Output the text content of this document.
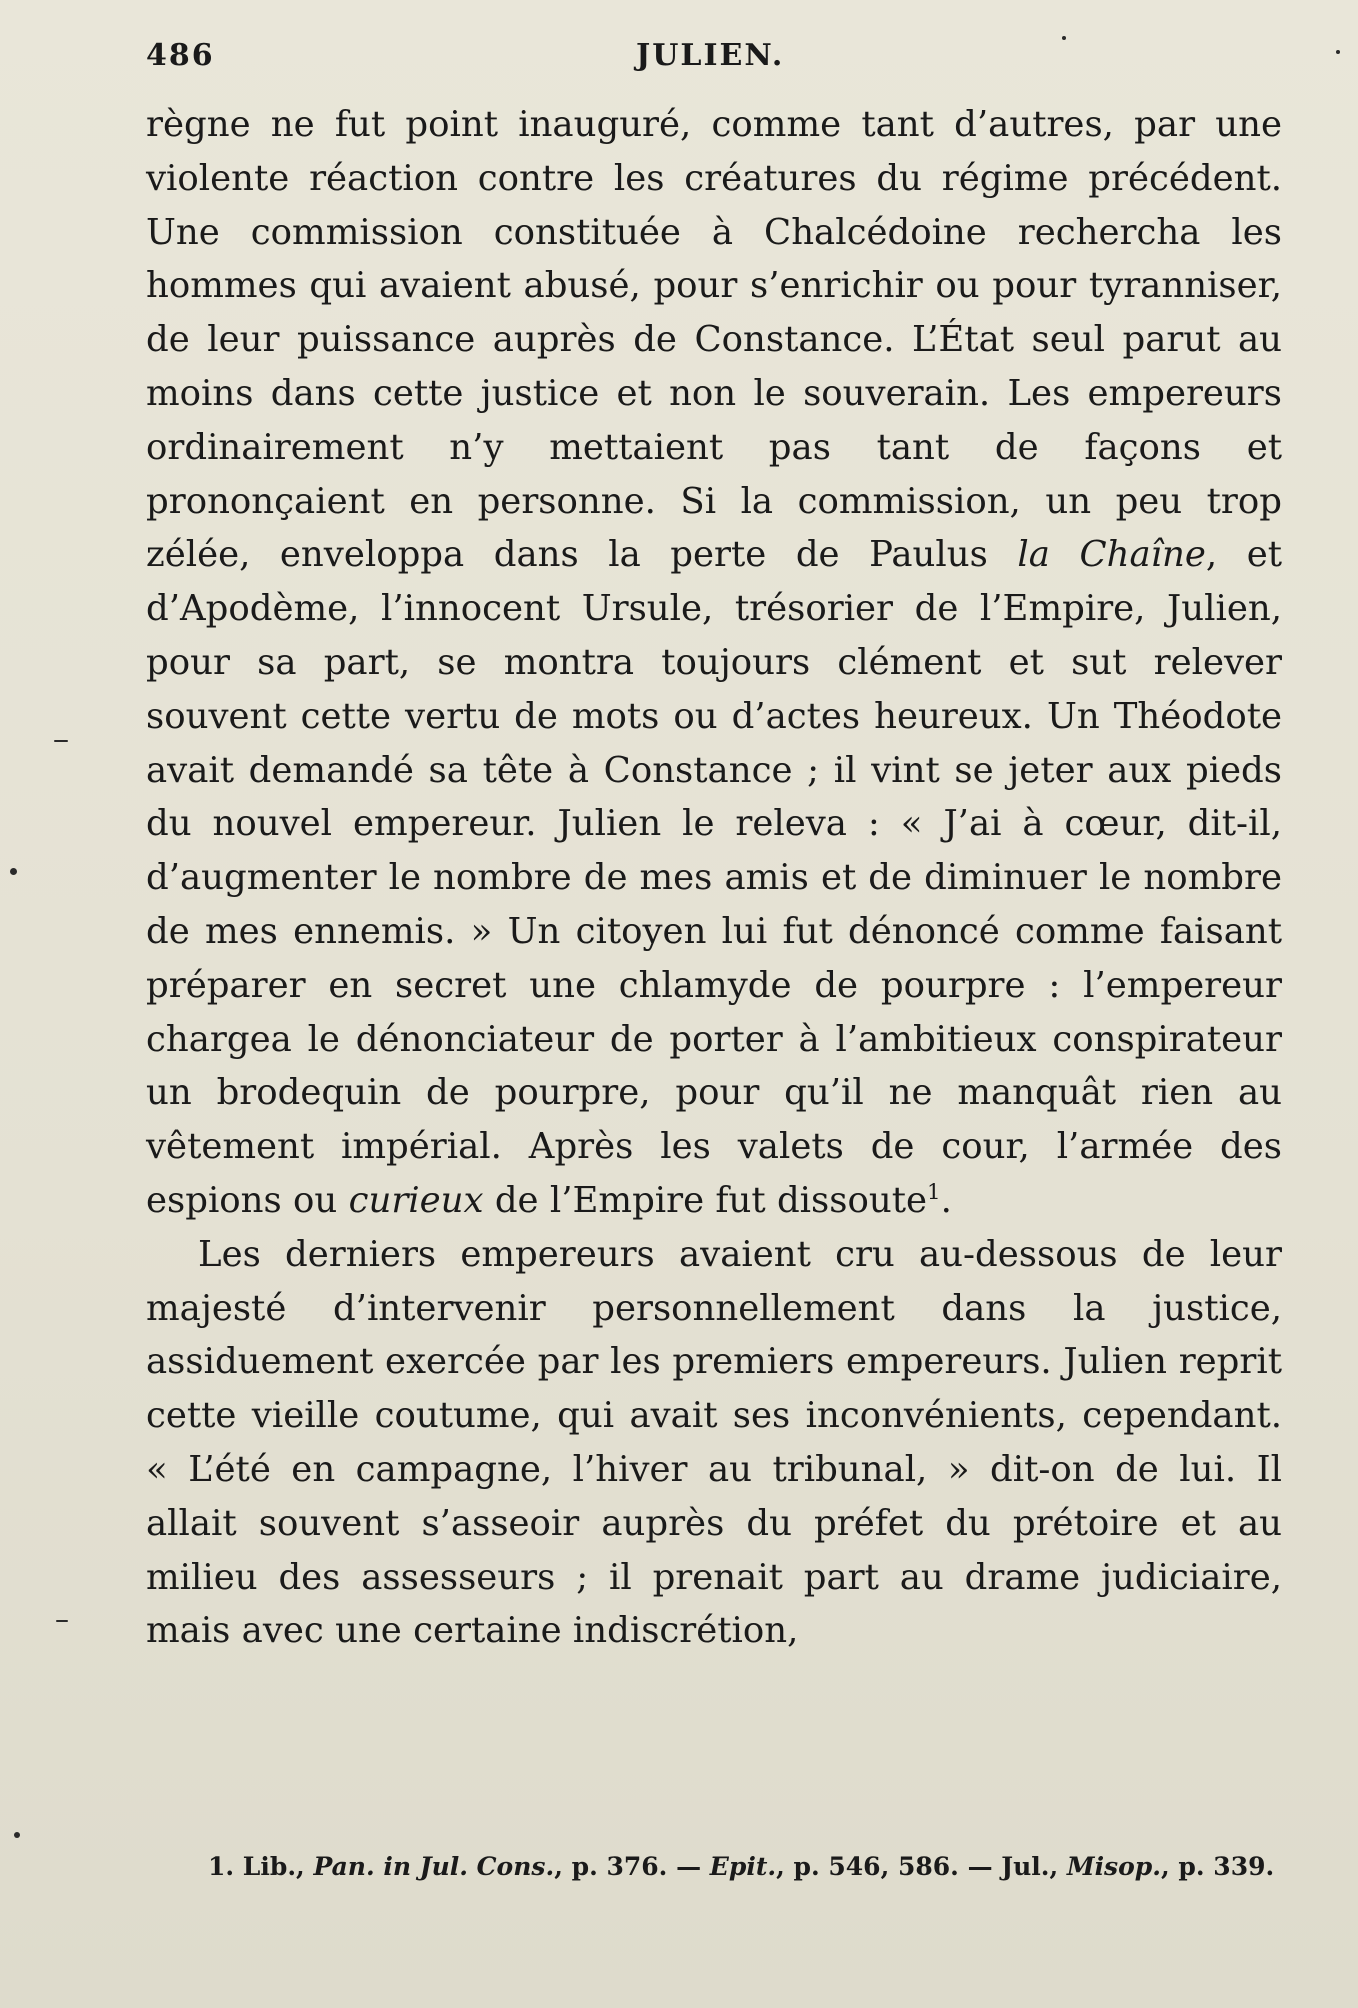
486	JULIEN.

règne ne fut point inauguré, comme tant d’autres, par une violente réaction contre les créatures du régime précédent. Une commission constituée à Chalcédoine rechercha les hommes qui avaient abusé, pour s’enrichir ou pour tyranniser, de leur puissance auprès de Constance. L’État seul parut au moins dans cette justice et non le souverain. Les empereurs ordinairement n’y mettaient pas tant de façons et prononçaient en personne. Si la commission, un peu trop zélée, enveloppa dans la perte de Paulus la Chaîne, et d’Apodème, l’innocent Ursule, trésorier de l’Empire, Julien, pour sa part, se montra toujours clément et sut relever souvent cette vertu de mots ou d’actes heureux. Un Théodote avait demandé sa tête à Constance ; il vint se jeter aux pieds du nouvel empereur. Julien le releva : « J’ai à cœur, dit-il, d’augmenter le nombre de mes amis et de diminuer le nombre de mes ennemis. » Un citoyen lui fut dénoncé comme faisant préparer en secret une chlamyde de pourpre : l’empereur chargea le dénonciateur de porter à l’ambitieux conspirateur un brodequin de pourpre, pour qu’il ne manquât rien au vêtement impérial. Après les valets de cour, l’armée des espions ou curieux de l’Empire fut dissoute$^1$.

Les derniers empereurs avaient cru au-dessous de leur majesté d’intervenir personnellement dans la justice, assiduement exercée par les premiers empereurs. Julien reprit cette vieille coutume, qui avait ses inconvénients, cependant. « L’été en campagne, l’hiver au tribunal, » dit-on de lui. Il allait souvent s’asseoir auprès du préfet du prétoire et au milieu des assesseurs ; il prenait part au drame judiciaire, mais avec une certaine indiscrétion,

1. Lib., Pan. in Jul. Cons., p. 376. — Epit., p. 546, 586. — Jul., Misop., p. 339.
